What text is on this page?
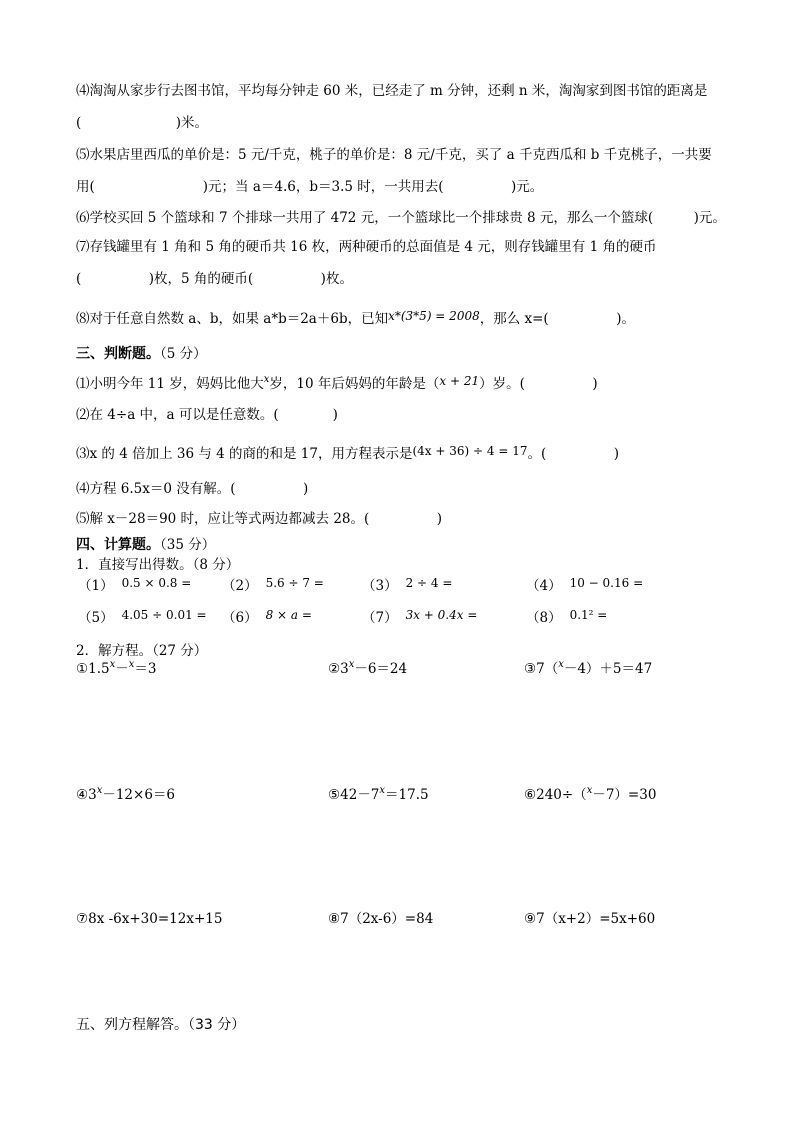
⑷淘淘从家步行去图书馆，平均每分钟走 60 米，已经走了 m 分钟，还剩 n 米，淘淘家到图书馆的距离是
(　　　　　　　)米。
⑸水果店里西瓜的单价是：5 元/千克，桃子的单价是：8 元/千克，买了 a 千克西瓜和 b 千克桃子，一共要
用(　　　　　　　　)元；当 a＝4.6，b＝3.5 时，一共用去(　　　　　)元。
⑹学校买回 5 个篮球和 7 个排球一共用了 472 元，一个篮球比一个排球贵 8 元，那么一个篮球(　　　)元。
⑺存钱罐里有 1 角和 5 角的硬币共 16 枚，两种硬币的总面值是 4 元，则存钱罐里有 1 角的硬币
(　　　　　)枚，5 角的硬币(　　　　　)枚。
⑻对于任意自然数 a、b，如果 a*b＝2a＋6b，已知x*(3*5) = 2008，那么 x=(　　　　　)。
三、判断题。（5 分）
⑴小明今年 11 岁，妈妈比他大$^x$岁，10 年后妈妈的年龄是（x + 21）岁。(　　　　　)
⑵在 4÷a 中，a 可以是任意数。(　　　　)
⑶x 的 4 倍加上 36 与 4 的商的和是 17，用方程表示是(4x + 36) ÷ 4 = 17。(　　　　　)
⑷方程 6.5x＝0 没有解。(　　　　　)
⑸解 x－28＝90 时，应让等式两边都减去 28。(　　　　　)
四、计算题。（35 分）
1．直接写出得数。（8 分）
（1） 0.5 × 0.8 = （2） 5.6 ÷ 7 =	（3） 2 ÷ 4 =	（4） 10 − 0.16 =
（5） 4.05 ÷ 0.01 = （6） 8 × a =	（7） 3x + 0.4x =	（8） 0.1² =
2．解方程。（27 分）
$①1.5^x-^x=3$	$②3^x-6=24$	③7（$^x$－4）＋5＝47
$④3^x-12\times 6=6$	$⑤42-7^x=17.5$	⑥240÷（$^x$－7）=30
⑦8x -6x+30=12x+15	⑧7（2x-6）=84	⑨7（x+2）=5x+60
五、列方程解答。（33 分）
